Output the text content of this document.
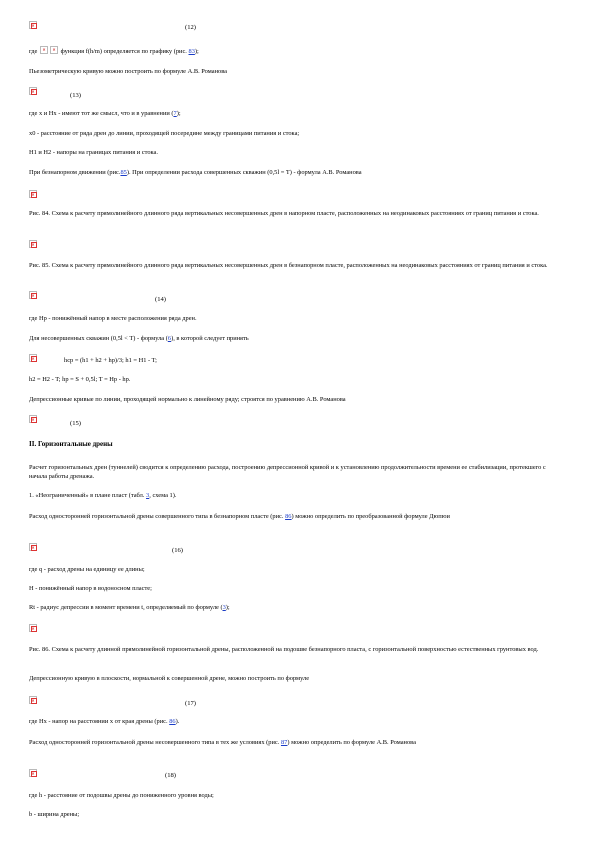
✕
(12)
где ✕ ✕	функция f(h/m) определяется по графику (рис. 83);
Пьезометрическую кривую можно построить по формуле А.В. Романова
✕
(13)
где x и Hx - имеют тот же смысл, что и в уравнении (7);
x0 - расстояние от ряда дрен до линии, проходящей посередине между границами питания и стока;
H1 и H2 - напоры на границах питания и стока.
При безнапорном движении (рис.85). При определении расхода совершенных скважин (0,5l = T) - формула А.В. Романова
✕
Рис. 84. Схема к расчету прямолинейного длинного ряда вертикальных несовершенных дрен в напорном пласте, расположенных на неодинаковых расстояниях от границ питания и стока.
✕
Рис. 85. Схема к расчету прямолинейного длинного ряда вертикальных несовершенных дрен в безнапорном пласте, расположенных на неодинаковых расстояниях от границ питания и стока.
✕
(14)
где Hр - понижённый напор в месте расположения ряда дрен.
Для несовершенных скважин (0,5l < T) - формула (6), в которой следует принять
✕
hcp = (h1 + h2 + hp)/3; h1 = H1 - T;
h2 = H2 - T; hp = S + 0,5l; T = Hp - hp.
Депрессионные кривые по линии, проходящей нормально к линейному ряду; строятся по уравнению А.В. Романова
✕
(15)
II. Горизонтальные дрены
Расчет горизонтальных дрен (туннелей) сводится к определению расхода, построению депрессионной кривой и к установлению продолжительности времени ее стабилизации, протекшего с начала работы дренажа.
1. «Неограниченный» в плане пласт (табл. 3, схема 1).
Расход односторонней горизонтальной дрены совершенного типа в безнапорном пласте (рис. 86) можно определить по преобразованной формуле Дюпюи
✕
(16)
где q - расход дрены на единицу ее длины;
H - понижённый напор в водоносном пласте;
Rt - радиус депрессии в момент времени t, определяемый по формуле (3);
✕
Рис. 86. Схема к расчету длинной прямолинейной горизонтальной дрены, расположенной на подошве безнапорного пласта, с горизонтальной поверхностью естественных грунтовых вод.
Депрессионную кривую в плоскости, нормальной к совершенной дрене, можно построить по формуле
✕
(17)
где Hx - напор на расстоянии x от края дрены (рис. 86).
Расход односторонней горизонтальной дрены несовершенного типа в тех же условиях (рис. 87) можно определить по формуле А.В. Романова
✕
(18)
где h - расстояние от подошвы дрены до пониженного уровня воды;
b - ширина дрены;
